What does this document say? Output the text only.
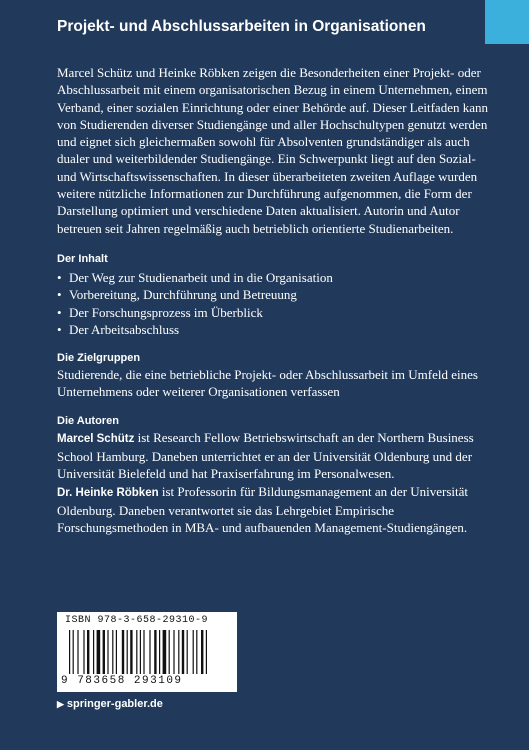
Projekt- und Abschlussarbeiten in Organisationen

Marcel Schütz und Heinke Röbken zeigen die Besonderheiten einer Projekt- oder Abschlussarbeit mit einem organisatorischen Bezug in einem Unternehmen, einem Verband, einer sozialen Einrichtung oder einer Behörde auf. Dieser Leitfaden kann von Studierenden diverser Studiengänge und aller Hochschultypen genutzt werden und eignet sich gleichermaßen sowohl für Absolventen grundständiger als auch dualer und weiterbildender Studiengänge. Ein Schwerpunkt liegt auf den Sozial- und Wirtschaftswissenschaften. In dieser überarbeiteten zweiten Auflage wurden weitere nützliche Informationen zur Durchführung aufgenommen, die Form der Darstellung optimiert und verschiedene Daten aktualisiert. Autorin und Autor betreuen seit Jahren regelmäßig auch betrieblich orientierte Studienarbeiten.

Der Inhalt

• Der Weg zur Studienarbeit und in die Organisation
• Vorbereitung, Durchführung und Betreuung
• Der Forschungsprozess im Überblick
• Der Arbeitsabschluss

Die Zielgruppen

Studierende, die eine betriebliche Projekt- oder Abschlussarbeit im Umfeld eines Unternehmens oder weiterer Organisationen verfassen

Die Autoren

Marcel Schütz ist Research Fellow Betriebswirtschaft an der Northern Business School Hamburg. Daneben unterrichtet er an der Universität Oldenburg und der Universität Bielefeld und hat Praxiserfahrung im Personalwesen.

Dr. Heinke Röbken ist Professorin für Bildungsmanagement an der Universität Oldenburg. Daneben verantwortet sie das Lehrgebiet Empirische Forschungsmethoden in MBA- und aufbauenden Management-Studiengängen.

ISBN 978-3-658-29310-9
9 783658 293109
▶ springer-gabler.de
